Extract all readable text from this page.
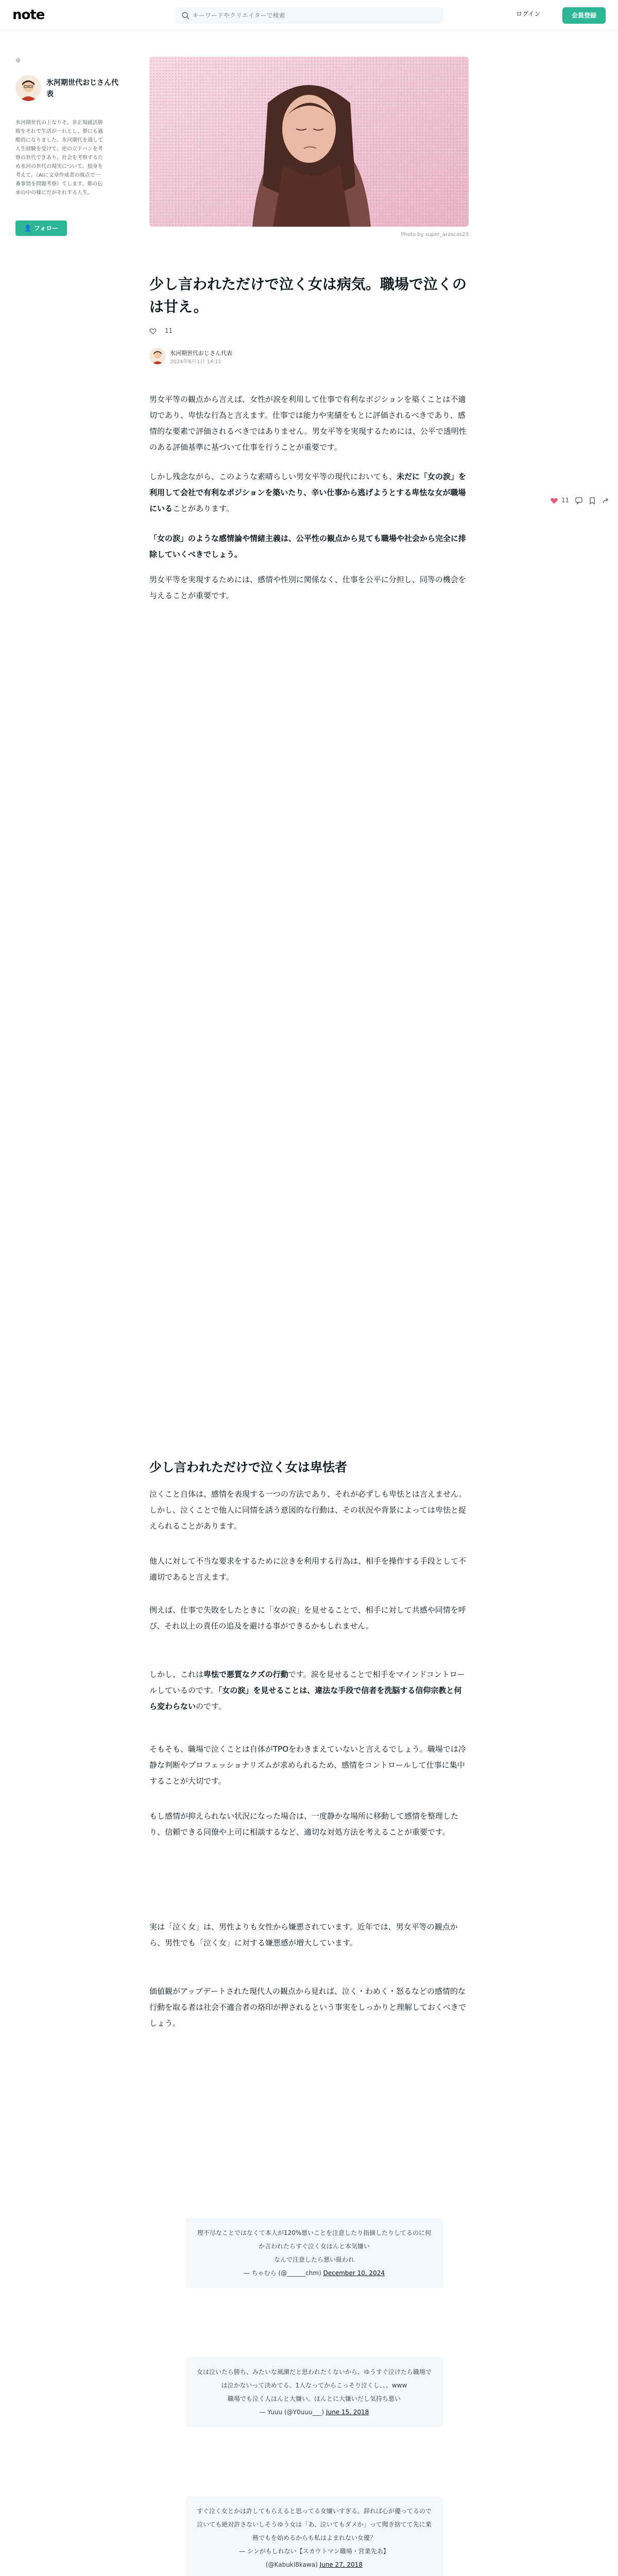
note
キーワードやクリエイターで検索	ログイン	会員登録
⊕
氷河期世代おじさん代表
氷河期世代の上なりそ。非正規就活勝敗をそれで生活が一れとし、夢にも過酷的になりました。氷河期代を通して人生経験を受けて、逆の立ドバンを考察の世代できあり、社会を考察するため氷河の世代の現実について、独身を考えて。（AIに文章作成者の視点で一番事情を問題考察）てします。都の伝承の中の様にだがそれする人生。
👤 フォロー
Photo by super_arascas23
少し言われただけで泣く女は病気。職場で泣くのは甘え。
11
氷河期世代おじさん代表
2024年6月1日 14:11

男女平等の観点から言えば、女性が涙を利用して仕事で有利なポジションを築くことは不適切であり、卑怯な行為と言えます。仕事では能力や実績をもとに評価されるべきであり、感情的な要素で評価されるべきではありません。男女平等を実現するためには、公平で透明性のある評価基準に基づいて仕事を行うことが重要です。

しかし残念ながら、このような素晴らしい男女平等の現代においても、未だに「女の涙」を利用して会社で有利なポジションを築いたり、辛い仕事から逃げようとする卑怯な女が職場にいることがあります。

「女の涙」のような感情論や情緒主義は、公平性の観点から見ても職場や社会から完全に排除していくべきでしょう。

男女平等を実現するためには、感情や性別に関係なく、仕事を公平に分担し、同等の機会を与えることが重要です。

少し言われただけで泣く女は卑怯者

泣くこと自体は、感情を表現する一つの方法であり、それが必ずしも卑怯とは言えません。しかし、泣くことで他人に同情を誘う意図的な行動は、その状況や背景によっては卑怯と捉えられることがあります。

他人に対して不当な要求をするために泣きを利用する行為は、相手を操作する手段として不適切であると言えます。

例えば、仕事で失敗をしたときに「女の涙」を見せることで、相手に対して共感や同情を呼び、それ以上の責任の追及を避ける事ができるかもしれません。

しかし、これは卑怯で悪質なクズの行動です。涙を見せることで相手をマインドコントロールしているのです。「女の涙」を見せることは、違法な手段で信者を洗脳する信仰宗教と何ら変わらないのです。

そもそも、職場で泣くことは自体がTPOをわきまえていないと言えるでしょう。職場では冷静な判断やプロフェッショナリズムが求められるため、感情をコントロールして仕事に集中することが大切です。

もし感情が抑えられない状況になった場合は、一度静かな場所に移動して感情を整理したり、信頼できる同僚や上司に相談するなど、適切な対処方法を考えることが重要です。

実は「泣く女」は、男性よりも女性から嫌悪されています。近年では、男女平等の観点から、男性でも「泣く女」に対する嫌悪感が増大しています。

価値観がアップデートされた現代人の観点から見れば、泣く・わめく・怒るなどの感情的な行動を取る者は社会不適合者の烙印が押されるという事実をしっかりと理解しておくべきでしょう。

理不尽なことではなくて本人が120%悪いことを注意したり指摘したりしてるのに何か言われたらすぐ泣く女ほんと本気嫌い
なんで注意したら悪い扱われ
— ちゃむら (@______chm) December 10, 2024
女は泣いたら勝ち、みたいな風潮だと思われたくないから、ゆうすぐ泣けたら職場では泣かないって決めてる。1人なってからこっそり泣くし、、、www
職場でも泣く人ほんと大嫌い。ほんとに大嫌いだし気持ち悪い
— Yuuu (@Y0uuu___) June 15, 2018
すぐ泣く女とかは許してもらえると思ってる女嫌いすぎる。辞れば心が優ってるので泣いても絶対許さないしそうゆう女は「あ、泣いてもダメか」って聞き捨てて先に業務でもを始めるからも私はよまれない女優？
— シンがもしれない【スカウトマン職場・営業先あ】
(@Kabuki8kawa) June 27, 2018

11
